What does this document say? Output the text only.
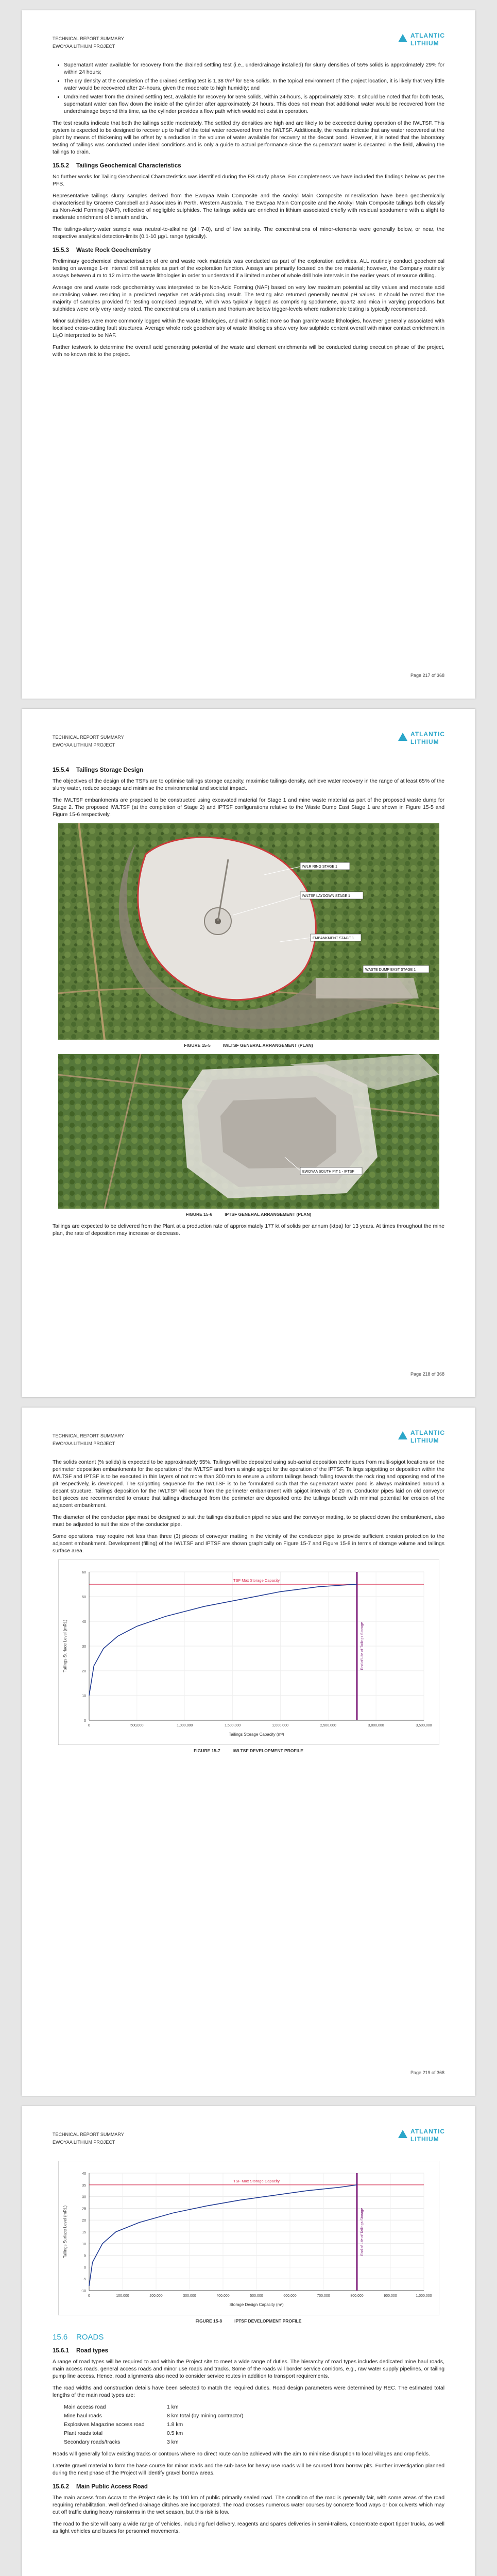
TECHNICAL REPORT SUMMARY
EWOYAA LITHIUM PROJECT
ATLANTIC
LITHIUM
• Supernatant water available for recovery from the drained settling test (i.e., underdrainage installed) for slurry densities of 55% solids is approximately 29% for within 24 hours;
• The dry density at the completion of the drained settling test is 1.38 t/m³ for 55% solids. In the topical environment of the project location, it is likely that very little water would be recovered after 24-hours, given the moderate to high humidity; and
• Undrained water from the drained settling test, available for recovery for 55% solids, within 24-hours, is approximately 31%. It should be noted that for both tests, supernatant water can flow down the inside of the cylinder after approximately 24 hours. This does not mean that additional water would be recovered from the underdrainage beyond this time, as the cylinder provides a flow path which would not exist in operation.

The test results indicate that both the tailings settle moderately. The settled dry densities are high and are likely to be exceeded during operation of the IWLTSF. This system is expected to be designed to recover up to half of the total water recovered from the IWLTSF. Additionally, the results indicate that any water recovered at the plant by means of thickening will be offset by a reduction in the volume of water available for recovery at the decant pond. However, it is noted that the laboratory testing of tailings was conducted under ideal conditions and is only a guide to actual performance since the supernatant water is decanted in the field, allowing the tailings to drain.

15.5.2 Tailings Geochemical Characteristics

No further works for Tailing Geochemical Characteristics was identified during the FS study phase. For completeness we have included the findings below as per the PFS.

Representative tailings slurry samples derived from the Ewoyaa Main Composite and the Anokyi Main Composite mineralisation have been geochemically characterised by Graeme Campbell and Associates in Perth, Western Australia. The Ewoyaa Main Composite and the Anokyi Main Composite tailings both classify as Non-Acid Forming (NAF), reflective of negligible sulphides. The tailings solids are enriched in lithium associated chiefly with residual spodumene with a slight to moderate enrichment of bismuth and tin.

The tailings-slurry-water sample was neutral-to-alkaline (pH 7-8), and of low salinity. The concentrations of minor-elements were generally below, or near, the respective analytical detection-limits (0.1-10 µg/L range typically).

15.5.3 Waste Rock Geochemistry

Preliminary geochemical characterisation of ore and waste rock materials was conducted as part of the exploration activities. ALL routinely conduct geochemical testing on average 1-m interval drill samples as part of the exploration function. Assays are primarily focused on the ore material; however, the Company routinely assays between 4 m to 12 m into the waste lithologies in order to understand if a limited number of whole drill hole intervals in the earlier years of resource drilling.

Average ore and waste rock geochemistry was interpreted to be Non-Acid Forming (NAF) based on very low maximum potential acidity values and moderate acid neutralising values resulting in a predicted negative net acid-producing result. The testing also returned generally neutral pH values. It should be noted that the majority of samples provided for testing comprised pegmatite, which was typically logged as comprising spodumene, quartz and mica in varying proportions but sulphides were only very rarely noted. The concentrations of uranium and thorium are below trigger-levels where radiometric testing is typically recommended.

Minor sulphides were more commonly logged within the waste lithologies, and within schist more so than granite waste lithologies, however generally associated with localised cross-cutting fault structures. Average whole rock geochemistry of waste lithologies show very low sulphide content overall with minor contact enrichment in Li₂O interpreted to be NAF.

Further testwork to determine the overall acid generating potential of the waste and element enrichments will be conducted during execution phase of the project, with no known risk to the project.

Page 217 of 368
TECHNICAL REPORT SUMMARY
EWOYAA LITHIUM PROJECT
ATLANTIC
LITHIUM
15.5.4 Tailings Storage Design

The objectives of the design of the TSFs are to optimise tailings storage capacity, maximise tailings density, achieve water recovery in the range of at least 65% of the slurry water, reduce seepage and minimise the environmental and societal impact.

The IWLTSF embankments are proposed to be constructed using excavated material for Stage 1 and mine waste material as part of the proposed waste dump for Stage 2. The proposed IWLTSF (at the completion of Stage 2) and IPTSF configurations relative to the Waste Dump East Stage 1 are shown in Figure 15-5 and Figure 15-6 respectively.

IWLR RING STAGE 1
IWLTSF LAYDOWN STAGE 1
EMBANKMENT STAGE 1
WASTE DUMP EAST STAGE 1
FIGURE 15-5	IWLTSF GENERAL ARRANGEMENT (PLAN)
EWOYAA SOUTH PIT 1 - IPTSF
FIGURE 15-6	IPTSF GENERAL ARRANGEMENT (PLAN)

Tailings are expected to be delivered from the Plant at a production rate of approximately 177 kt of solids per annum (ktpa) for 13 years. At times throughout the mine plan, the rate of deposition may increase or decrease.

Page 218 of 368
TECHNICAL REPORT SUMMARY
EWOYAA LITHIUM PROJECT
ATLANTIC
LITHIUM

The solids content (% solids) is expected to be approximately 55%. Tailings will be deposited using sub-aerial deposition techniques from multi-spigot locations on the perimeter deposition embankments for the operation of the IWLTSF and from a single spigot for the operation of the IPTSF. Tailings spigotting or deposition within the IWLTSF and IPTSF is to be executed in thin layers of not more than 300 mm to ensure a uniform tailings beach falling towards the rock ring and opposing end of the pit respectively, is developed. The spigotting sequence for the IWLTSF is to be formulated such that the supernatant water pond is always maintained around a decant structure. Tailings deposition for the IWLTSF will occur from the perimeter embankment with spigot intervals of 20 m. Conductor pipes laid on old conveyor belt pieces are recommended to ensure that tailings discharged from the perimeter are deposited onto the tailings beach with minimal potential for erosion of the adjacent embankment.

The diameter of the conductor pipe must be designed to suit the tailings distribution pipeline size and the conveyor matting, to be placed down the embankment, also must be adjusted to suit the size of the conductor pipe.

Some operations may require not less than three (3) pieces of conveyor matting in the vicinity of the conductor pipe to provide sufficient erosion protection to the adjacent embankment. Development (filling) of the IWLTSF and IPTSF are shown graphically on Figure 15-7 and Figure 15-8 in terms of storage volume and tailings surface area.

0
10
20
30
40
50
60
0	500,000	1,000,000	1,500,000	2,000,000	2,500,000	3,000,000	3,500,000
Tailings Storage Capacity (m³)
Tailings Surface Level (mRL)
TSF Max Storage Capacity
End of Life of Tailings Storage
FIGURE 15-7	IWLTSF DEVELOPMENT PROFILE
Page 219 of 368
TECHNICAL REPORT SUMMARY
EWOYAA LITHIUM PROJECT
ATLANTIC
LITHIUM
-10
-5
0
5
10
15
20
25
30
35
40
0	100,000	200,000	300,000	400,000	500,000	600,000	700,000	800,000	900,000	1,000,000
Storage Design Capacity (m³)
Tailings Surface Level (mRL)
TSF Max Storage Capacity
End of Life of Tailings Storage
FIGURE 15-8	IPTSF DEVELOPMENT PROFILE
15.6 ROADS
15.6.1 Road types

A range of road types will be required to and within the Project site to meet a wide range of duties. The hierarchy of road types includes dedicated mine haul roads, main access roads, general access roads and minor use roads and tracks. Some of the roads will border service corridors, e.g., raw water supply pipelines, or tailing pump line access. Hence, road alignments also need to consider service routes in addition to transport requirements.

The road widths and construction details have been selected to match the required duties. Road design parameters were determined by REC. The estimated total lengths of the main road types are:

Main access road	1 km
Mine haul roads	8 km total (by mining contractor)
Explosives Magazine access road	1.8 km
Plant roads total	0.5 km
Secondary roads/tracks	3 km

Roads will generally follow existing tracks or contours where no direct route can be achieved with the aim to minimise disruption to local villages and crop fields.

Laterite gravel material to form the base course for minor roads and the sub-base for heavy use roads will be sourced from borrow pits. Further investigation planned during the next phase of the Project will identify gravel borrow areas.

15.6.2 Main Public Access Road

The main access from Accra to the Project site is by 100 km of public primarily sealed road. The condition of the road is generally fair, with some areas of the road requiring rehabilitation. Well defined drainage ditches are incorporated. The road crosses numerous water courses by concrete flood ways or box culverts which may cut off traffic during heavy rainstorms in the wet season, but this risk is low.

The road to the site will carry a wide range of vehicles, including fuel delivery, reagents and spares deliveries in semi-trailers, concentrate export tipper trucks, as well as light vehicles and buses for personnel movements.
